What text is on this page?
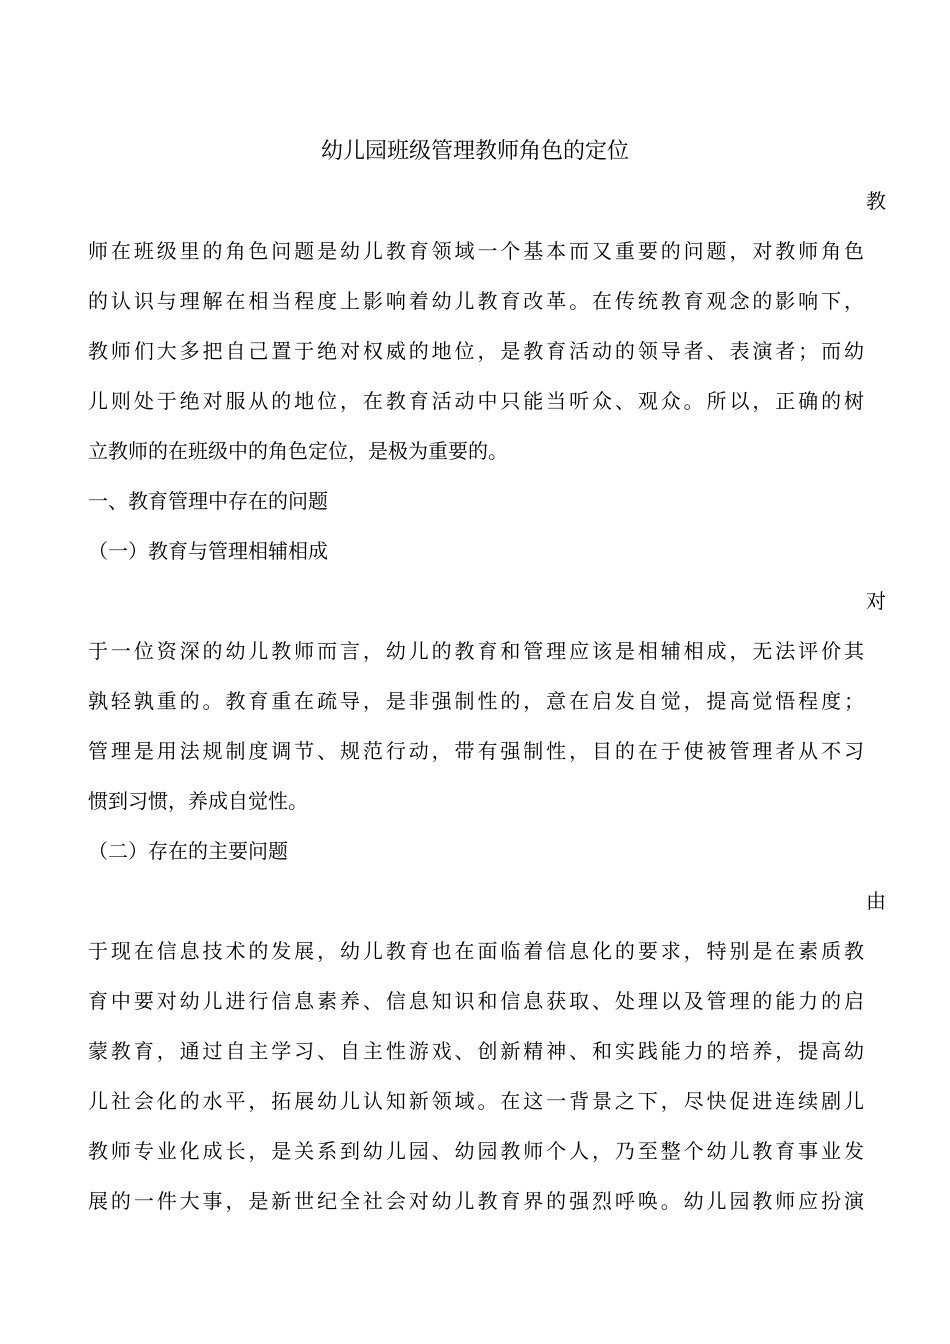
幼儿园班级管理教师角色的定位

教

师在班级里的角色问题是幼儿教育领域一个基本而又重要的问题，对教师角色

的认识与理解在相当程度上影响着幼儿教育改革。在传统教育观念的影响下，

教师们大多把自己置于绝对权威的地位，是教育活动的领导者、表演者；而幼

儿则处于绝对服从的地位，在教育活动中只能当听众、观众。所以，正确的树

立教师的在班级中的角色定位，是极为重要的。

一、教育管理中存在的问题

（一）教育与管理相辅相成

对

于一位资深的幼儿教师而言，幼儿的教育和管理应该是相辅相成，无法评价其

孰轻孰重的。教育重在疏导，是非强制性的，意在启发自觉，提高觉悟程度；

管理是用法规制度调节、规范行动，带有强制性，目的在于使被管理者从不习

惯到习惯，养成自觉性。

（二）存在的主要问题

由

于现在信息技术的发展，幼儿教育也在面临着信息化的要求，特别是在素质教

育中要对幼儿进行信息素养、信息知识和信息获取、处理以及管理的能力的启

蒙教育，通过自主学习、自主性游戏、创新精神、和实践能力的培养，提高幼

儿社会化的水平，拓展幼儿认知新领域。在这一背景之下，尽快促进连续剧儿

教师专业化成长，是关系到幼儿园、幼园教师个人，乃至整个幼儿教育事业发

展的一件大事，是新世纪全社会对幼儿教育界的强烈呼唤。幼儿园教师应扮演
